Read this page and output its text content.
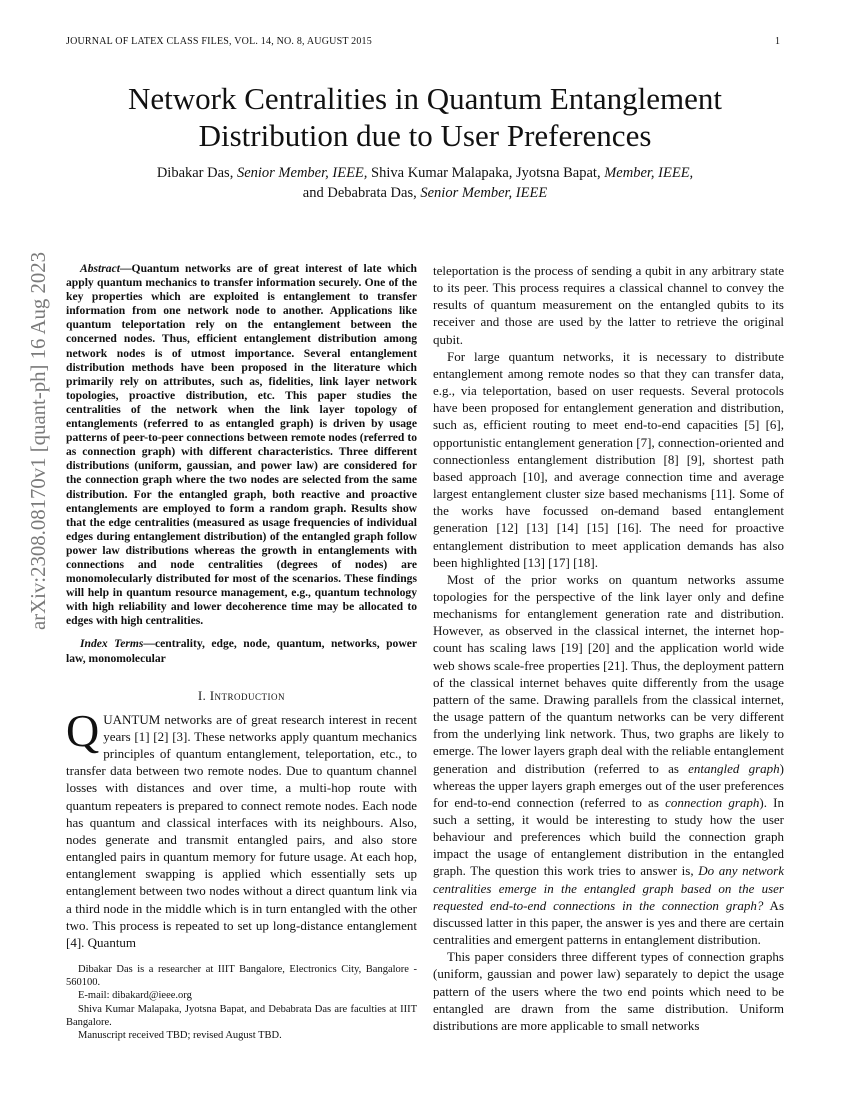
JOURNAL OF LATEX CLASS FILES, VOL. 14, NO. 8, AUGUST 2015	1
arXiv:2308.08170v1 [quant-ph] 16 Aug 2023
Network Centralities in Quantum Entanglement
Distribution due to User Preferences
Dibakar Das, Senior Member, IEEE, Shiva Kumar Malapaka, Jyotsna Bapat, Member, IEEE,
and Debabrata Das, Senior Member, IEEE

Abstract—Quantum networks are of great interest of late which apply quantum mechanics to transfer information securely. One of the key properties which are exploited is entanglement to transfer information from one network node to another. Applications like quantum teleportation rely on the entanglement between the concerned nodes. Thus, efficient entanglement distribution among network nodes is of utmost importance. Several entanglement distribution methods have been proposed in the literature which primarily rely on attributes, such as, fidelities, link layer network topologies, proactive distribution, etc. This paper studies the centralities of the network when the link layer topology of entanglements (referred to as entangled graph) is driven by usage patterns of peer-to-peer connections between remote nodes (referred to as connection graph) with different characteristics. Three different distributions (uniform, gaussian, and power law) are considered for the connection graph where the two nodes are selected from the same distribution. For the entangled graph, both reactive and proactive entanglements are employed to form a random graph. Results show that the edge centralities (measured as usage frequencies of individual edges during entanglement distribution) of the entangled graph follow power law distributions whereas the growth in entanglements with connections and node centralities (degrees of nodes) are monomolecularly distributed for most of the scenarios. These findings will help in quantum resource management, e.g., quantum technology with high reliability and lower decoherence time may be allocated to edges with high centralities.

Index Terms—centrality, edge, node, quantum, networks, power law, monomolecular

I. Introduction

QUANTUM networks are of great research interest in recent years [1] [2] [3]. These networks apply quantum mechanics principles of quantum entanglement, teleportation, etc., to transfer data between two remote nodes. Due to quantum channel losses with distances and over time, a multi-hop route with quantum repeaters is prepared to connect remote nodes. Each node has quantum and classical interfaces with its neighbours. Also, nodes generate and transmit entangled pairs, and also store entangled pairs in quantum memory for future usage. At each hop, entanglement swapping is applied which essentially sets up entanglement between two nodes without a direct quantum link via a third node in the middle which is in turn entangled with the other two. This process is repeated to set up long-distance entanglement [4]. Quantum

Dibakar Das is a researcher at IIIT Bangalore, Electronics City, Bangalore - 560100.

E-mail: dibakard@ieee.org

Shiva Kumar Malapaka, Jyotsna Bapat, and Debabrata Das are faculties at IIIT Bangalore.

Manuscript received TBD; revised August TBD.

teleportation is the process of sending a qubit in any arbitrary state to its peer. This process requires a classical channel to convey the results of quantum measurement on the entangled qubits to its receiver and those are used by the latter to retrieve the original qubit.

For large quantum networks, it is necessary to distribute entanglement among remote nodes so that they can transfer data, e.g., via teleportation, based on user requests. Several protocols have been proposed for entanglement generation and distribution, such as, efficient routing to meet end-to-end capacities [5] [6], opportunistic entanglement generation [7], connection-oriented and connectionless entanglement distribution [8] [9], shortest path based approach [10], and average connection time and average largest entanglement cluster size based mechanisms [11]. Some of the works have focussed on-demand based entanglement generation [12] [13] [14] [15] [16]. The need for proactive entanglement distribution to meet application demands has also been highlighted [13] [17] [18].

Most of the prior works on quantum networks assume topologies for the perspective of the link layer only and define mechanisms for entanglement generation rate and distribution. However, as observed in the classical internet, the internet hop-count has scaling laws [19] [20] and the application world wide web shows scale-free properties [21]. Thus, the deployment pattern of the classical internet behaves quite differently from the usage pattern of the same. Drawing parallels from the classical internet, the usage pattern of the quantum networks can be very different from the underlying link network. Thus, two graphs are likely to emerge. The lower layers graph deal with the reliable entanglement generation and distribution (referred to as entangled graph) whereas the upper layers graph emerges out of the user preferences for end-to-end connection (referred to as connection graph). In such a setting, it would be interesting to study how the user behaviour and preferences which build the connection graph impact the usage of entanglement distribution in the entangled graph. The question this work tries to answer is, Do any network centralities emerge in the entangled graph based on the user requested end-to-end connections in the connection graph? As discussed latter in this paper, the answer is yes and there are certain centralities and emergent patterns in entanglement distribution.

This paper considers three different types of connection graphs (uniform, gaussian and power law) separately to depict the usage pattern of the users where the two end points which need to be entangled are drawn from the same distribution. Uniform distributions are more applicable to small networks
